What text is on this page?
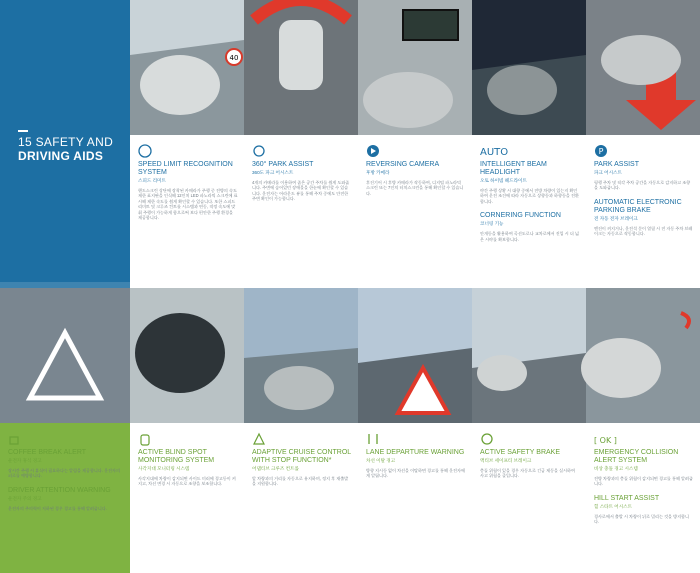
15 SAFETY AND
DRIVING AIDS
40
SPEED LIMIT RECOGNITION SYSTEM
스피드 리미트
핸드스크린 상단에 장착된 카메라가 주행 중 전방의 속도 제한 표지판을 인식해 12인치 LED 파노라믹 스크린에 표시해 제한 속도를 쉽게 확인할 수 있습니다. 또한 스피드 리미트 및 크루즈 컨트롤 시스템과 연동, 적정 속도에 맞춰 주행이 가능하게 함으로써 보다 편안한 주행 환경을 제공합니다.
360° PARK ASSIST
360도 파크 어시스트
4개의 카메라를 이용하여 좁은 공간 주차를 쉽게 도와줍니다. 주변에 숨어있던 장애물을 한눈에 확인할 수 있습니다. 운전자는 어라운드 뷰를 통해 주차 중에도 안전한 주변 확인이 가능합니다.
REVERSING CAMERA
후방 카메라
후진기어 시 후방 카메라가 작동하여, 디지털 파노라믹 스크린 또는 7인치 터치스크린을 통해 확인할 수 있습니다.
AUTO
INTELLIGENT BEAM HEADLIGHT
오토 하이빔 헤드라이트
야간 주행 상황 시 대향 중에서 전방 차량이 있는지 확인하여 운전 조건에 따라 자동으로 상향등과 하향등을 전환합니다.
CORNERING FUNCTION
코너링 기능
안개등을 활용하여 곡선도로나 교차로에서 진입 시 더 넓은 시야를 확보합니다.
P
PARK ASSIST
파크 어시스트
평행 주차 및 직각 주차 공간을 자동으로 감지하고 조향을 도와줍니다.
AUTOMATIC ELECTRONIC PARKING BRAKE
전 자동 전자 브레이크
엔진이 꺼지거나, 운전석 문이 열릴 시 전 자동 주차 브레이크는 자동으로 작동합니다.
COFFEE BREAK ALERT
운전자 휴식 경고
장시간 주행 시 휴식이 필요하다는 알림을 제공합니다. 운전자의 피로를 예방합니다.
DRIVER ATTENTION WARNING
운전자 주의 경고
운전자의 주의력이 저하된 경우 경고를 통해 알려줍니다.
ACTIVE BLIND SPOT MONITORING SYSTEM
사각지대 모니터링 시스템
사각지대에 차량이 감지되면 사이드 미러에 경고등이 켜지고, 차선 변경 시 자동으로 조향을 보조합니다.
ADAPTIVE CRUISE CONTROL WITH STOP FUNCTION*
어댑티브 크루즈 컨트롤
앞 차량과의 거리를 자동으로 유지하며, 정지 후 재출발을 지원합니다.
LANE DEPARTURE WARNING
차선 이탈 경고
방향 지시등 없이 차선을 이탈하면 경고를 통해 운전자에게 알립니다.
ACTIVE SAFETY BRAKE
액티브 세이프티 브레이크
충돌 위험이 있을 경우 자동으로 긴급 제동을 실시하여 사고 위험을 줄입니다.
[ OK ]
EMERGENCY COLLISION ALERT SYSTEM
비상 충돌 경고 시스템
전방 차량과의 충돌 위험이 감지되면 경고를 통해 알려줍니다.
HILL START ASSIST
힐 스타트 어시스트
경사로에서 출발 시 차량이 뒤로 밀리는 것을 방지합니다.
